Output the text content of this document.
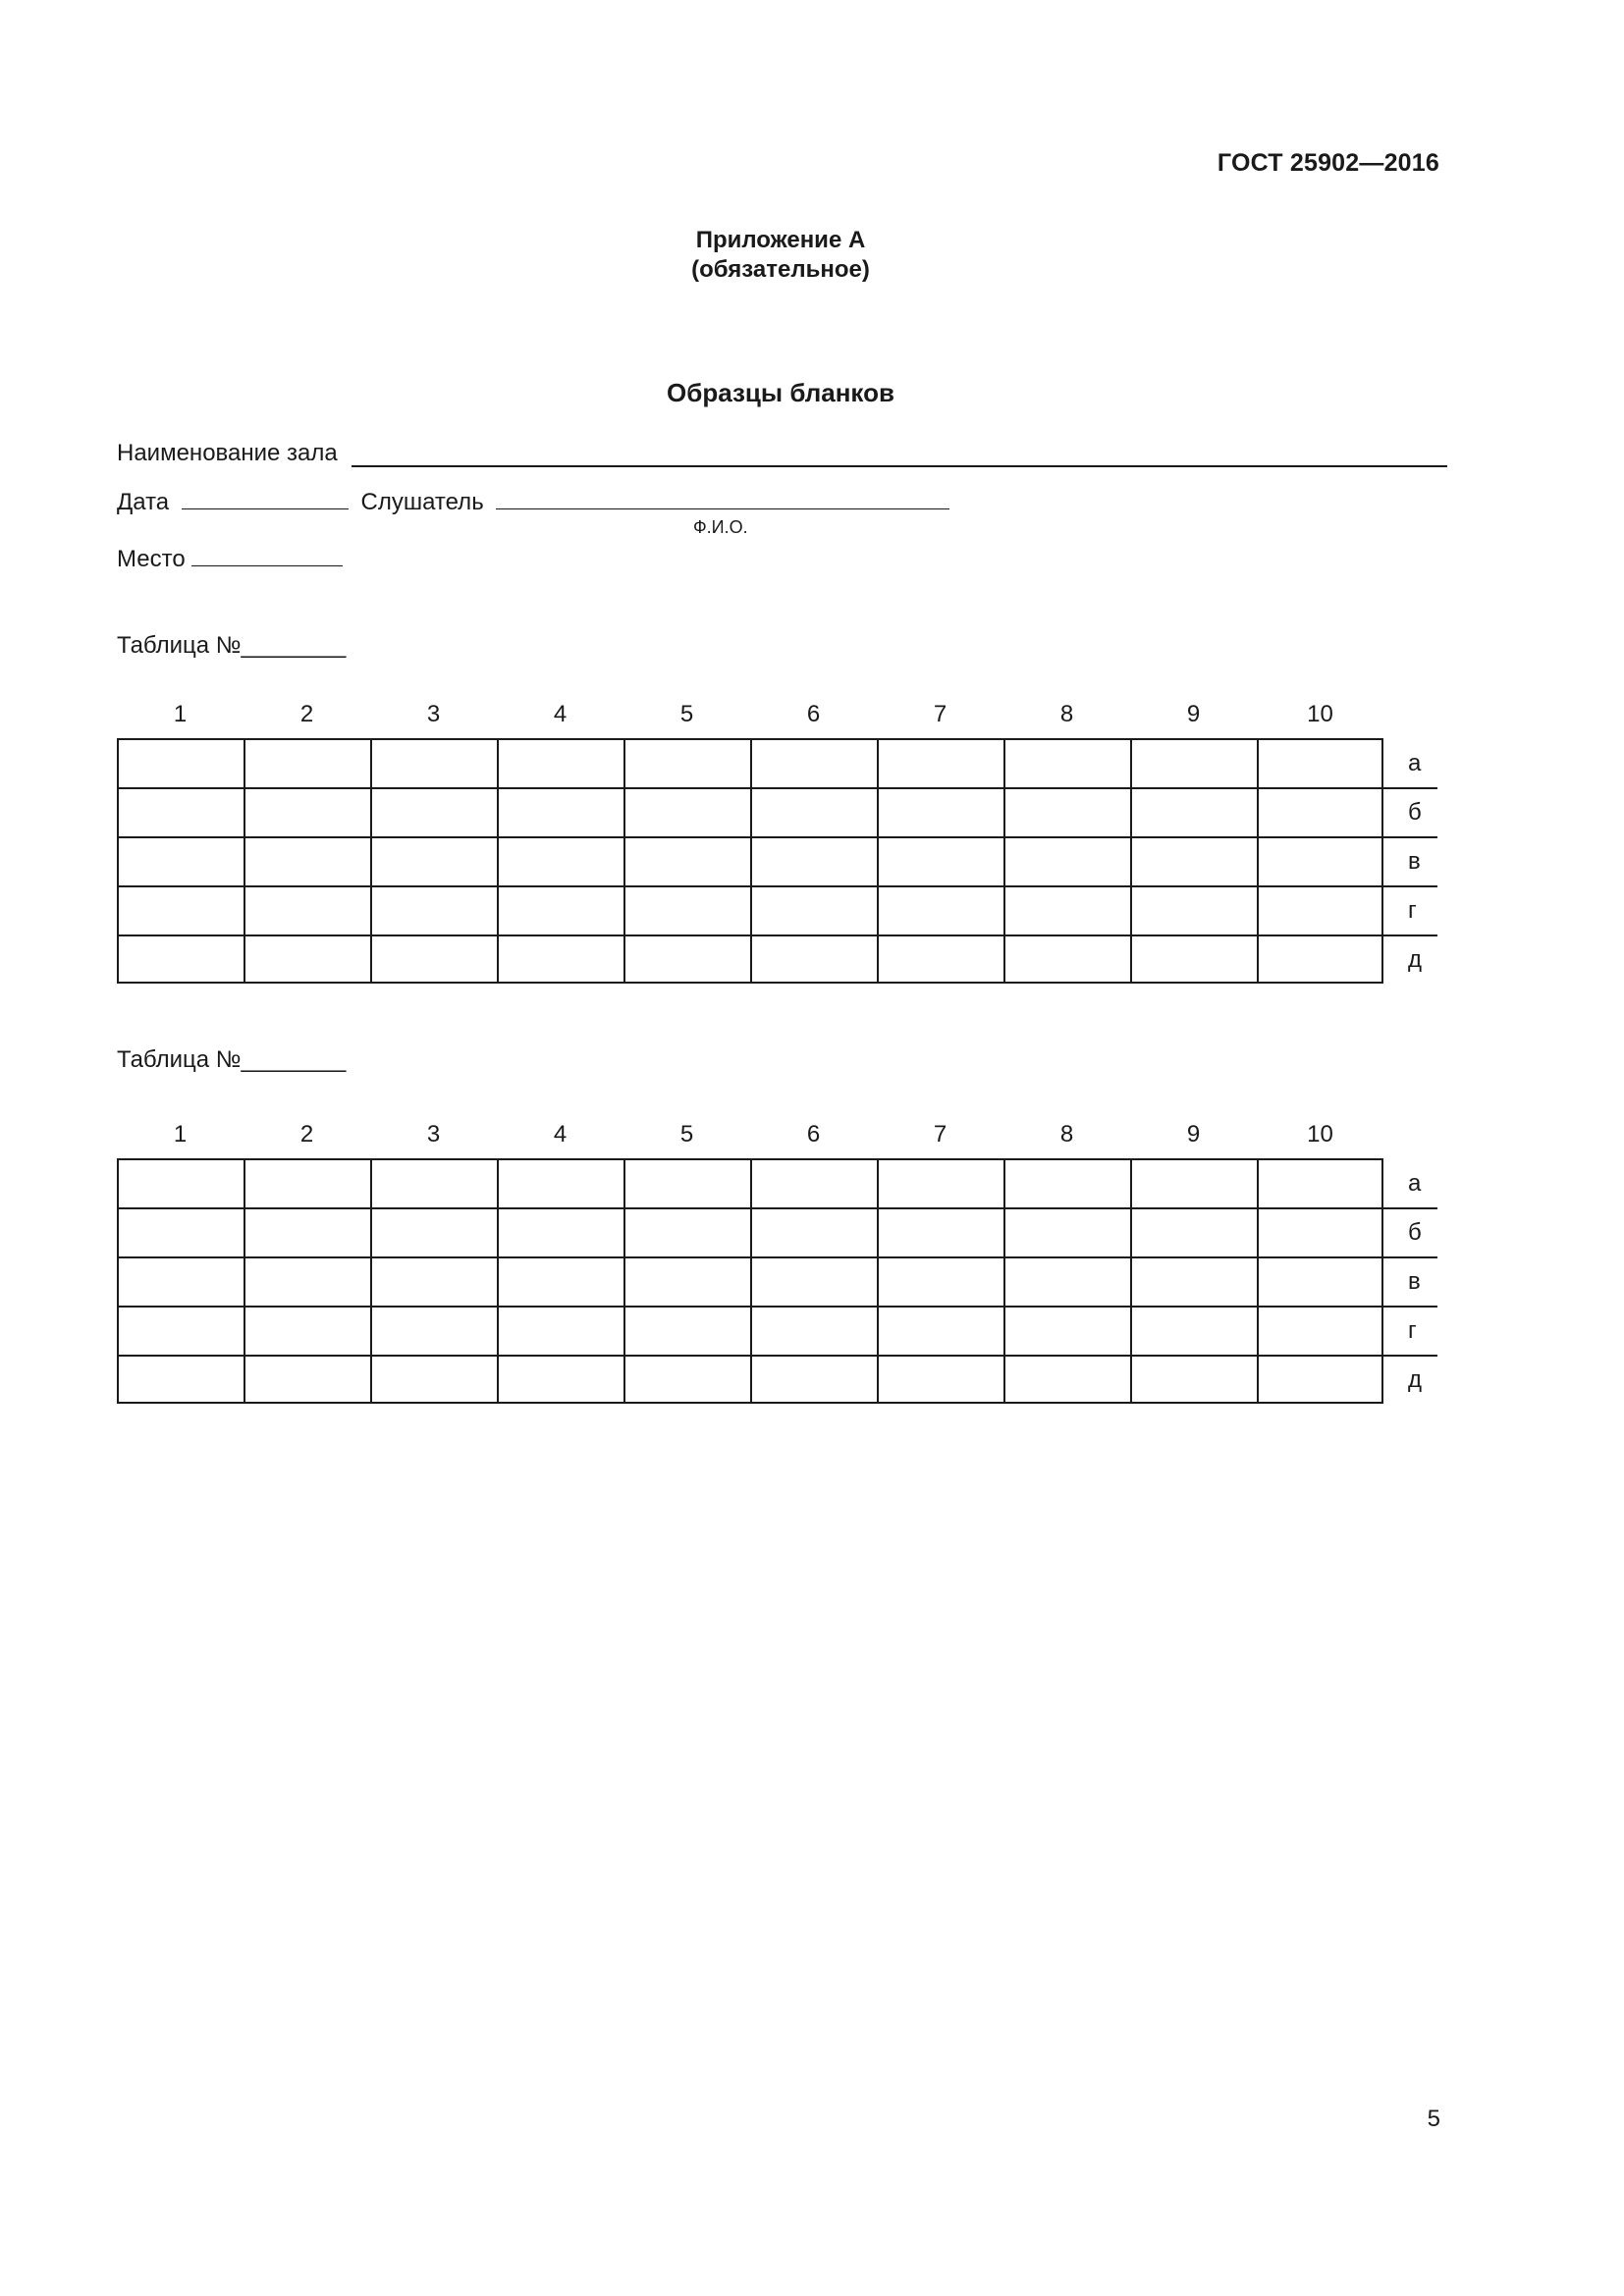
ГОСТ 25902—2016
Приложение А
(обязательное)
Образцы бланков
Наименование зала
Дата	Слушатель
Ф.И.О.
Место
Таблица №________
1	2	3	4	5	6	7	8	9	10
а
б
в
г
д
Таблица №________
1	2	3	4	5	6	7	8	9	10
а
б
в
г
д
5
